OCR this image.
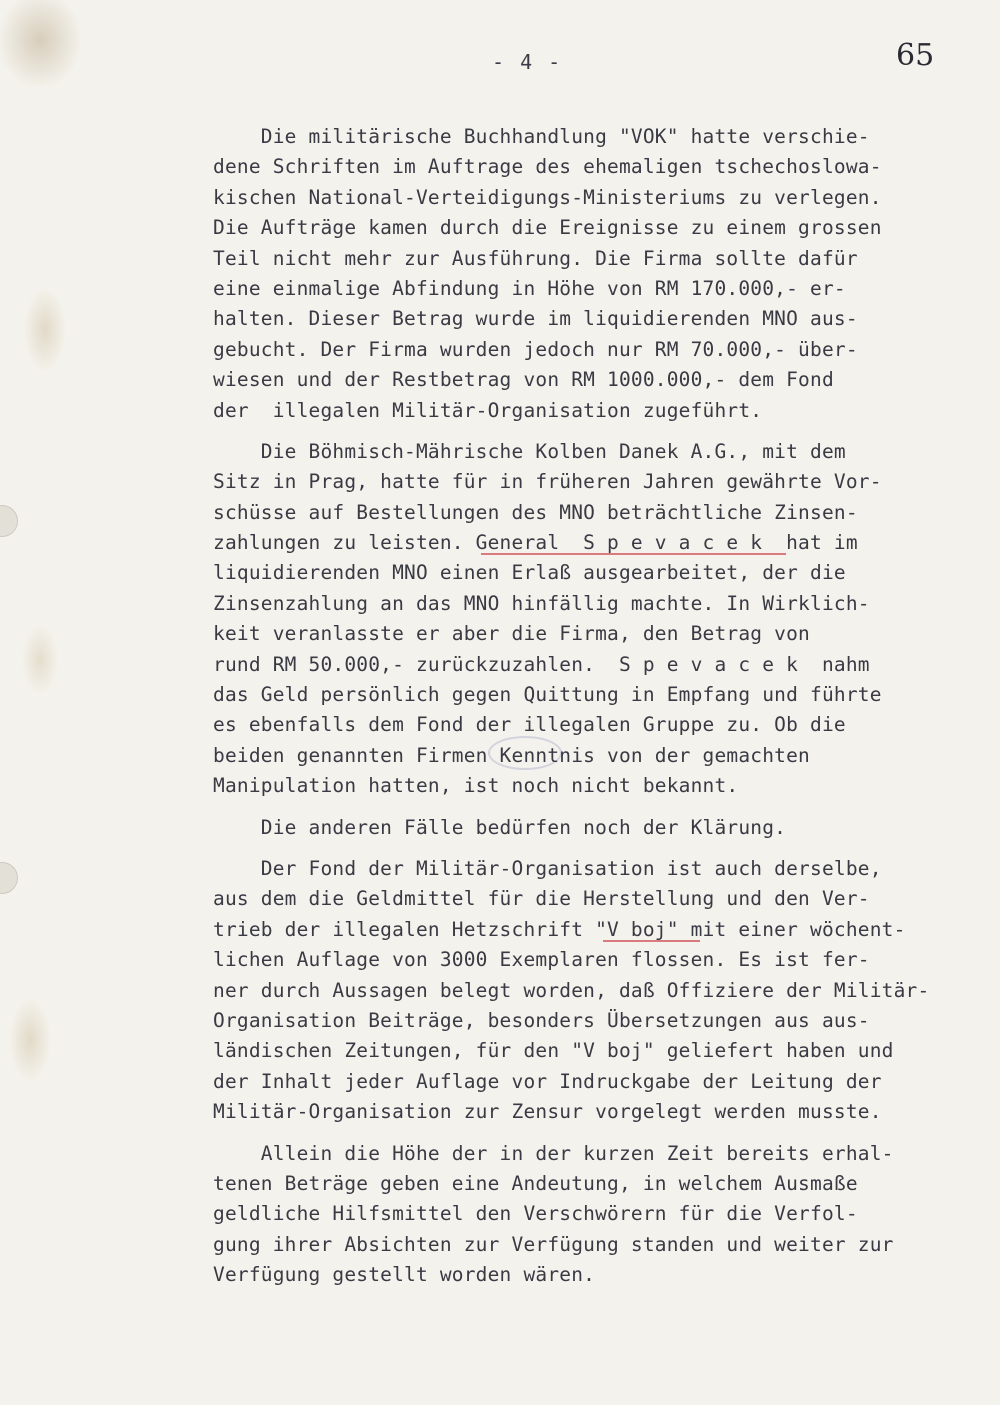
- 4 -	65
Die militärische Buchhandlung "VOK" hatte verschie-
dene Schriften im Auftrage des ehemaligen tschechoslowa-
kischen National-Verteidigungs-Ministeriums zu verlegen.
Die Aufträge kamen durch die Ereignisse zu einem grossen
Teil nicht mehr zur Ausführung. Die Firma sollte dafür
eine einmalige Abfindung in Höhe von RM 170.000,- er-
halten. Dieser Betrag wurde im liquidierenden MNO aus-
gebucht. Der Firma wurden jedoch nur RM 70.000,- über-
wiesen und der Restbetrag von RM 1000.000,- dem Fond
der  illegalen Militär-Organisation zugeführt.
Die Böhmisch-Mährische Kolben Danek A.G., mit dem
Sitz in Prag, hatte für in früheren Jahren gewährte Vor-
schüsse auf Bestellungen des MNO beträchtliche Zinsen-
zahlungen zu leisten. General  S p e v a c e k  hat im
liquidierenden MNO einen Erlaß ausgearbeitet, der die
Zinsenzahlung an das MNO hinfällig machte. In Wirklich-
keit veranlasste er aber die Firma, den Betrag von
rund RM 50.000,- zurückzuzahlen.  S p e v a c e k  nahm
das Geld persönlich gegen Quittung in Empfang und führte
es ebenfalls dem Fond der illegalen Gruppe zu. Ob die
beiden genannten Firmen Kenntnis von der gemachten
Manipulation hatten, ist noch nicht bekannt.
Die anderen Fälle bedürfen noch der Klärung.
Der Fond der Militär-Organisation ist auch derselbe,
aus dem die Geldmittel für die Herstellung und den Ver-
trieb der illegalen Hetzschrift "V boj" mit einer wöchent-
lichen Auflage von 3000 Exemplaren flossen. Es ist fer-
ner durch Aussagen belegt worden, daß Offiziere der Militär-
Organisation Beiträge, besonders Übersetzungen aus aus-
ländischen Zeitungen, für den "V boj" geliefert haben und
der Inhalt jeder Auflage vor Indruckgabe der Leitung der
Militär-Organisation zur Zensur vorgelegt werden musste.
Allein die Höhe der in der kurzen Zeit bereits erhal-
tenen Beträge geben eine Andeutung, in welchem Ausmaße
geldliche Hilfsmittel den Verschwörern für die Verfol-
gung ihrer Absichten zur Verfügung standen und weiter zur
Verfügung gestellt worden wären.
